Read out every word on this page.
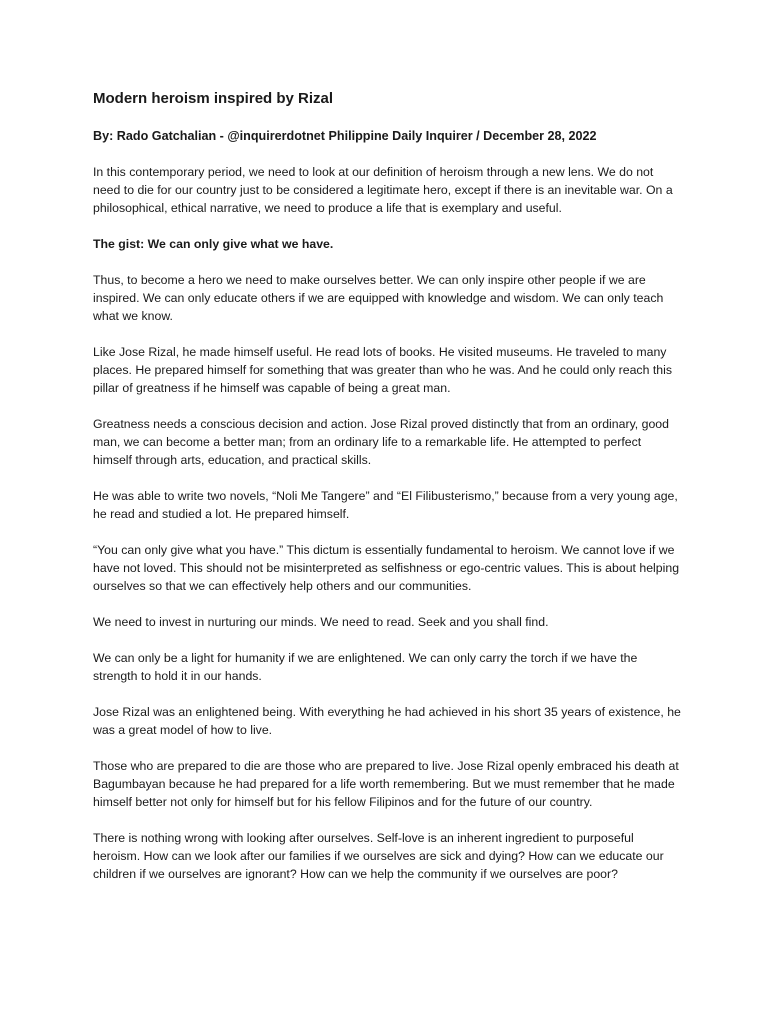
Modern heroism inspired by Rizal
By: Rado Gatchalian - @inquirerdotnet Philippine Daily Inquirer / December 28, 2022
In this contemporary period, we need to look at our definition of heroism through a new lens. We do not need to die for our country just to be considered a legitimate hero, except if there is an inevitable war. On a philosophical, ethical narrative, we need to produce a life that is exemplary and useful.
The gist: We can only give what we have.
Thus, to become a hero we need to make ourselves better. We can only inspire other people if we are inspired. We can only educate others if we are equipped with knowledge and wisdom. We can only teach what we know.
Like Jose Rizal, he made himself useful. He read lots of books. He visited museums. He traveled to many places. He prepared himself for something that was greater than who he was. And he could only reach this pillar of greatness if he himself was capable of being a great man.
Greatness needs a conscious decision and action. Jose Rizal proved distinctly that from an ordinary, good man, we can become a better man; from an ordinary life to a remarkable life. He attempted to perfect himself through arts, education, and practical skills.
He was able to write two novels, “Noli Me Tangere” and “El Filibusterismo,” because from a very young age, he read and studied a lot. He prepared himself.
“You can only give what you have.” This dictum is essentially fundamental to heroism. We cannot love if we have not loved. This should not be misinterpreted as selfishness or ego-centric values. This is about helping ourselves so that we can effectively help others and our communities.
We need to invest in nurturing our minds. We need to read. Seek and you shall find.
We can only be a light for humanity if we are enlightened. We can only carry the torch if we have the strength to hold it in our hands.
Jose Rizal was an enlightened being. With everything he had achieved in his short 35 years of existence, he was a great model of how to live.
Those who are prepared to die are those who are prepared to live. Jose Rizal openly embraced his death at Bagumbayan because he had prepared for a life worth remembering. But we must remember that he made himself better not only for himself but for his fellow Filipinos and for the future of our country.
There is nothing wrong with looking after ourselves. Self-love is an inherent ingredient to purposeful heroism. How can we look after our families if we ourselves are sick and dying? How can we educate our children if we ourselves are ignorant? How can we help the community if we ourselves are poor?
